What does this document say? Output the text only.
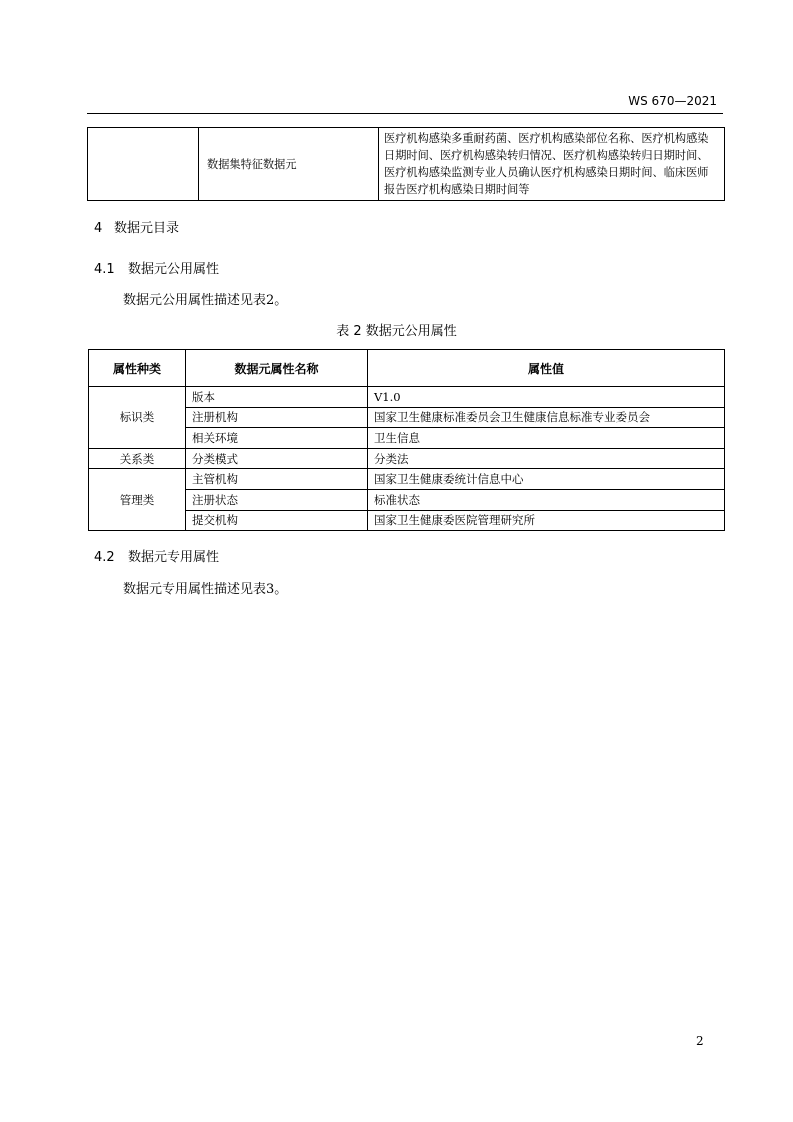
WS 670—2021
	数据集特征数据元	医疗机构感染多重耐药菌、医疗机构感染部位名称、医疗机构感染日期时间、医疗机构感染转归情况、医疗机构感染转归日期时间、医疗机构感染监测专业人员确认医疗机构感染日期时间、临床医师报告医疗机构感染日期时间等
4 数据元目录
4.1 数据元公用属性
数据元公用属性描述见表2。
表 2 数据元公用属性
属性种类	数据元属性名称	属性值
标识类	版本	V1.0
	注册机构	国家卫生健康标准委员会卫生健康信息标准专业委员会
	相关环境	卫生信息
关系类	分类模式	分类法
管理类	主管机构	国家卫生健康委统计信息中心
	注册状态	标准状态
	提交机构	国家卫生健康委医院管理研究所
4.2 数据元专用属性
数据元专用属性描述见表3。
2
